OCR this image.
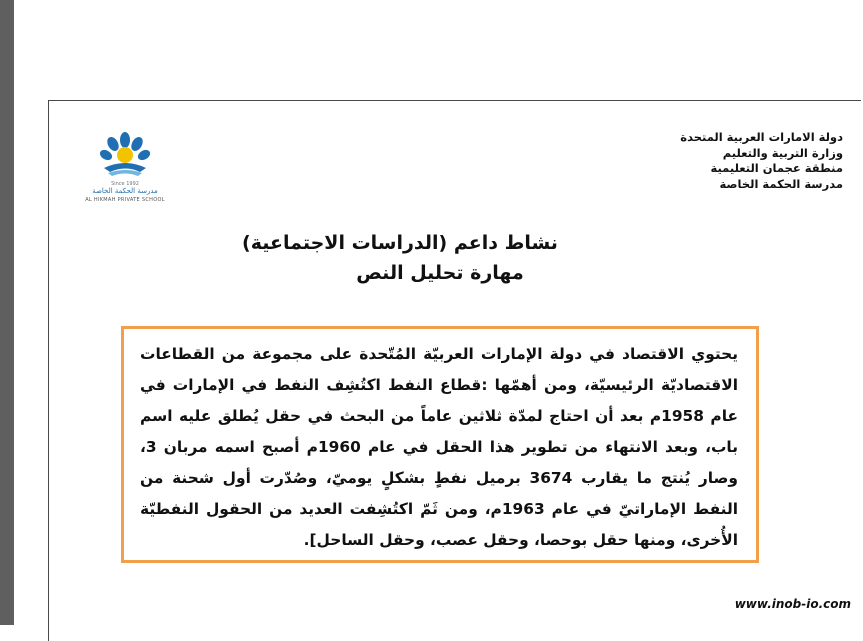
دولة الامارات العربية المتحدة
وزارة التربية والتعليم
منطقة عجمان التعليمية
مدرسة الحكمة الخاصة
Since 1992
مدرسة الحكمة الخاصة
AL HIKMAH PRIVATE SCHOOL
نشاط داعم (الدراسات الاجتماعية)
مهارة تحليل النص

يحتوي الاقتصاد في دولة الإمارات العربيّة المُتّحدة على مجموعة من القطاعات الاقتصاديّة الرئيسيّة، ومن أهمّها :قطاع النفط اكتُشِف النفط في الإمارات في عام 1958م بعد أن احتاج لمدّة ثلاثين عاماً من البحث في حقل يُطلق عليه اسم باب، وبعد الانتهاء من تطوير هذا الحقل في عام 1960م أصبح اسمه مربان 3، وصار يُنتج ما يقارب 3674 برميل نفطٍ بشكلٍ يوميّ، وصُدّرت أول شحنة من النفط الإماراتيّ في عام 1963م، ومن ثَمّ اكتُشِفت العديد من الحقول النفطيّة الأُخرى، ومنها حقل بوحصا، وحقل عصب، وحقل الساحل].

www.inob-io.com
